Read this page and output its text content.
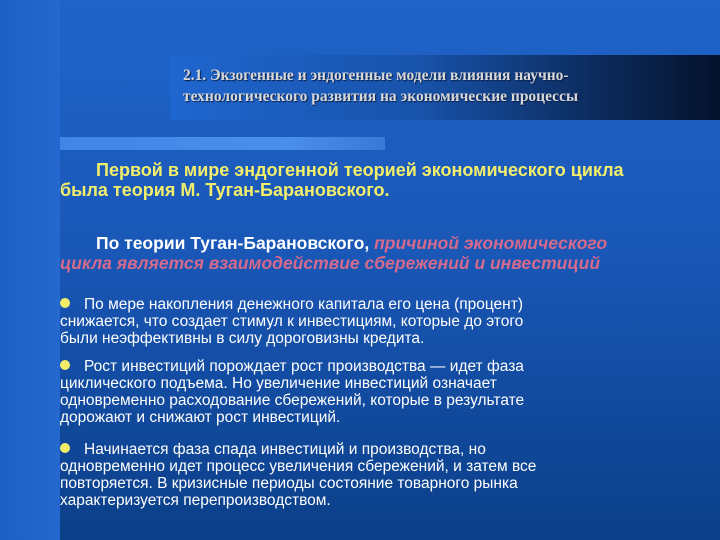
2.1. Экзогенные и эндогенные модели влияния научно-
технологического развития на экономические процессы

Первой в мире эндогенной теорией экономического цикла
была теория М. Туган-Барановского.

По теории Туган-Барановского, причиной экономического
цикла является взаимодействие сбережений и инвестиций

По мере накопления денежного капитала его цена (процент)
снижается, что создает стимул к инвестициям, которые до этого
были неэффективны в силу дороговизны кредита.
Рост инвестиций порождает рост производства — идет фаза
циклического подъема. Но увеличение инвестиций означает
одновременно расходование сбережений, которые в результате
дорожают и снижают рост инвестиций.
Начинается фаза спада инвестиций и производства, но
одновременно идет процесс увеличения сбережений, и затем все
повторяется. В кризисные периоды состояние товарного рынка
характеризуется перепроизводством.
